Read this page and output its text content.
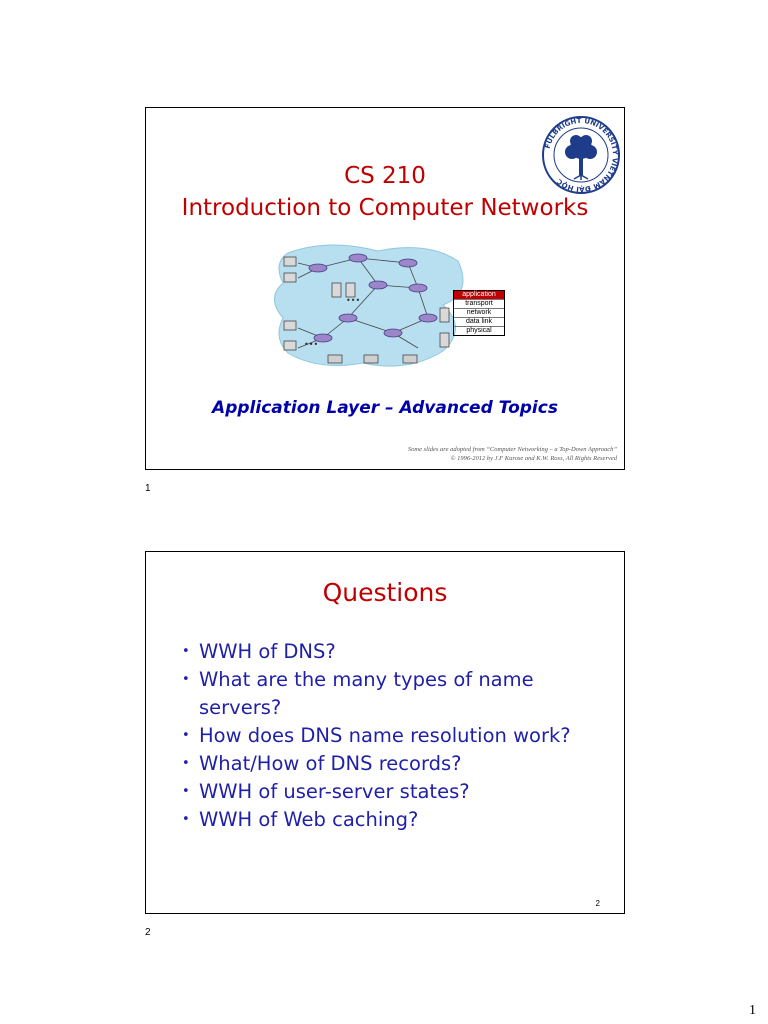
CS 210
Introduction to Computer Networks
FULBRIGHT UNIVERSITY VIETNAM ĐẠI HỌC
•••
•••
application
transport
network
data link
physical
Application Layer – Advanced Topics
Some slides are adopted from “Computer Networking – a Top-Down Approach”
© 1996-2012 by J.F Kurose and K.W. Ross, All Rights Reserved
1
Questions
• WWH of DNS?
• What are the many types of name servers?
• How does DNS name resolution work?
• What/How of DNS records?
• WWH of user-server states?
• WWH of Web caching?
2
2
1
